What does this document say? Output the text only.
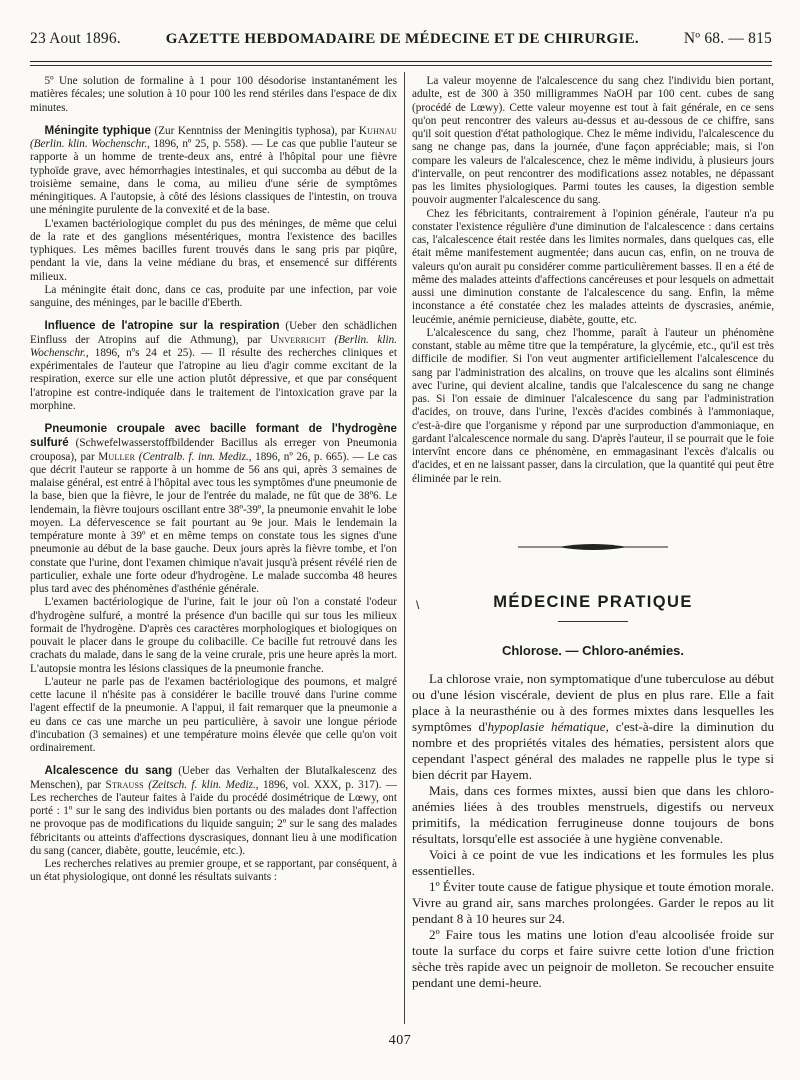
23 Aout 1896.	GAZETTE HEBDOMADAIRE DE MÉDECINE ET DE CHIRURGIE.	Nº 68. — 815

5º Une solution de formaline à 1 pour 100 désodorise instantanément les matières fécales; une solution à 10 pour 100 les rend stériles dans l'espace de dix minutes.

Méningite typhique (Zur Kenntniss der Meningitis typhosa), par Kuhnau (Berlin. klin. Wochenschr., 1896, nº 25, p. 558). — Le cas que publie l'auteur se rapporte à un homme de trente-deux ans, entré à l'hôpital pour une fièvre typhoïde grave, avec hémorrhagies intestinales, et qui succomba au début de la troisième semaine, dans le coma, au milieu d'une série de symptômes méningitiques. A l'autopsie, à côté des lésions classiques de l'intestin, on trouva une méningite purulente de la convexité et de la base.

L'examen bactériologique complet du pus des méninges, de même que celui de la rate et des ganglions mésentériques, montra l'existence des bacilles typhiques. Les mêmes bacilles furent trouvés dans le sang pris par piqûre, pendant la vie, dans la veine médiane du bras, et ensemencé sur différents milieux.

La méningite était donc, dans ce cas, produite par une infection, par voie sanguine, des méninges, par le bacille d'Eberth.

Influence de l'atropine sur la respiration (Ueber den schädlichen Einfluss der Atropins auf die Athmung), par Unverricht (Berlin. klin. Wochenschr., 1896, nºs 24 et 25). — Il résulte des recherches cliniques et expérimentales de l'auteur que l'atropine au lieu d'agir comme excitant de la respiration, exerce sur elle une action plutôt dépressive, et que par conséquent l'atropine est contre-indiquée dans le traitement de l'intoxication grave par la morphine.

Pneumonie croupale avec bacille formant de l'hydrogène sulfuré (Schwefelwasserstoffbildender Bacillus als erreger von Pneumonia crouposa), par Muller (Centralb. f. inn. Mediz., 1896, nº 26, p. 665). — Le cas que décrit l'auteur se rapporte à un homme de 56 ans qui, après 3 semaines de malaise général, est entré à l'hôpital avec tous les symptômes d'une pneumonie de la base, bien que la fièvre, le jour de l'entrée du malade, ne fût que de 38º6. Le lendemain, la fièvre toujours oscillant entre 38º-39º, la pneumonie envahit le lobe moyen. La défervescence se fait pourtant au 9e jour. Mais le lendemain la température monte à 39º et en même temps on constate tous les signes d'une pneumonie au début de la base gauche. Deux jours après la fièvre tombe, et l'on constate que l'urine, dont l'examen chimique n'avait jusqu'à présent révélé rien de particulier, exhale une forte odeur d'hydrogène. Le malade succomba 48 heures plus tard avec des phénomènes d'asthénie générale.

L'examen bactériologique de l'urine, fait le jour où l'on a constaté l'odeur d'hydrogène sulfuré, a montré la présence d'un bacille qui sur tous les milieux formait de l'hydrogène. D'après ces caractères morphologiques et biologiques on pouvait le placer dans le groupe du colibacille. Ce bacille fut retrouvé dans les crachats du malade, dans le sang de la veine crurale, pris une heure après la mort. L'autopsie montra les lésions classiques de la pneumonie franche.

L'auteur ne parle pas de l'examen bactériologique des poumons, et malgré cette lacune il n'hésite pas à considérer le bacille trouvé dans l'urine comme l'agent effectif de la pneumonie. A l'appui, il fait remarquer que la pneumonie a eu dans ce cas une marche un peu particulière, à savoir une longue période d'incubation (3 semaines) et une température moins élevée que celle qu'on voit ordinairement.

Alcalescence du sang (Ueber das Verhalten der Blutalkalescenz des Menschen), par Strauss (Zeitsch. f. klin. Mediz., 1896, vol. XXX, p. 317). — Les recherches de l'auteur faites à l'aide du procédé dosimétrique de Lœwy, ont porté : 1º sur le sang des individus bien portants ou des malades dont l'affection ne provoque pas de modifications du liquide sanguin; 2º sur le sang des malades fébricitants ou atteints d'affections dyscrasiques, donnant lieu à une modification du sang (cancer, diabète, goutte, leucémie, etc.).

Les recherches relatives au premier groupe, et se rapportant, par conséquent, à un état physiologique, ont donné les résultats suivants :

La valeur moyenne de l'alcalescence du sang chez l'individu bien portant, adulte, est de 300 à 350 milligrammes NaOH par 100 cent. cubes de sang (procédé de Lœwy). Cette valeur moyenne est tout à fait générale, en ce sens qu'on peut rencontrer des valeurs au-dessus et au-dessous de ce chiffre, sans qu'il soit question d'état pathologique. Chez le même individu, l'alcalescence du sang ne change pas, dans la journée, d'une façon appréciable; mais, si l'on compare les valeurs de l'alcalescence, chez le même individu, à plusieurs jours d'intervalle, on peut rencontrer des modifications assez notables, ne dépassant pas les limites physiologiques. Parmi toutes les causes, la digestion semble pouvoir augmenter l'alcalescence du sang.

Chez les fébricitants, contrairement à l'opinion générale, l'auteur n'a pu constater l'existence régulière d'une diminution de l'alcalescence : dans certains cas, l'alcalescence était restée dans les limites normales, dans quelques cas, elle était même manifestement augmentée; dans aucun cas, enfin, on ne trouva de valeurs qu'on aurait pu considérer comme particulièrement basses. Il en a été de même des malades atteints d'affections cancéreuses et pour lesquels on admettait aussi une diminution constante de l'alcalescence du sang. Enfin, la même inconstance a été constatée chez les malades atteints de dyscrasies, anémie, leucémie, anémie pernicieuse, diabète, goutte, etc.

L'alcalescence du sang, chez l'homme, paraît à l'auteur un phénomène constant, stable au même titre que la température, la glycémie, etc., qu'il est très difficile de modifier. Si l'on veut augmenter artificiellement l'alcalescence du sang par l'administration des alcalins, on trouve que les alcalins sont éliminés avec l'urine, qui devient alcaline, tandis que l'alcalescence du sang ne change pas. Si l'on essaie de diminuer l'alcalescence du sang par l'administration d'acides, on trouve, dans l'urine, l'excès d'acides combinés à l'ammoniaque, c'est-à-dire que l'organisme y répond par une surproduction d'ammoniaque, en gardant l'alcalescence normale du sang. D'après l'auteur, il se pourrait que le foie intervînt encore dans ce phénomène, en emmagasinant l'excès d'alcalis ou d'acides, et en ne laissant passer, dans la circulation, que la quantité qui peut être éliminée par le rein.

\	MÉDECINE PRATIQUE
Chlorose. — Chloro-anémies.

La chlorose vraie, non symptomatique d'une tuberculose au début ou d'une lésion viscérale, devient de plus en plus rare. Elle a fait place à la neurasthénie ou à des formes mixtes dans lesquelles les symptômes d'hypoplasie hématique, c'est-à-dire la diminution du nombre et des propriétés vitales des hématies, persistent alors que cependant l'aspect général des malades ne rappelle plus le type si bien décrit par Hayem.

Mais, dans ces formes mixtes, aussi bien que dans les chloro-anémies liées à des troubles menstruels, digestifs ou nerveux primitifs, la médication ferrugineuse donne toujours de bons résultats, lorsqu'elle est associée à une hygiène convenable.

Voici à ce point de vue les indications et les formules les plus essentielles.

1º Éviter toute cause de fatigue physique et toute émotion morale. Vivre au grand air, sans marches prolongées. Garder le repos au lit pendant 8 à 10 heures sur 24.

2º Faire tous les matins une lotion d'eau alcoolisée froide sur toute la surface du corps et faire suivre cette lotion d'une friction sèche très rapide avec un peignoir de molleton. Se recoucher ensuite pendant une demi-heure.

407
